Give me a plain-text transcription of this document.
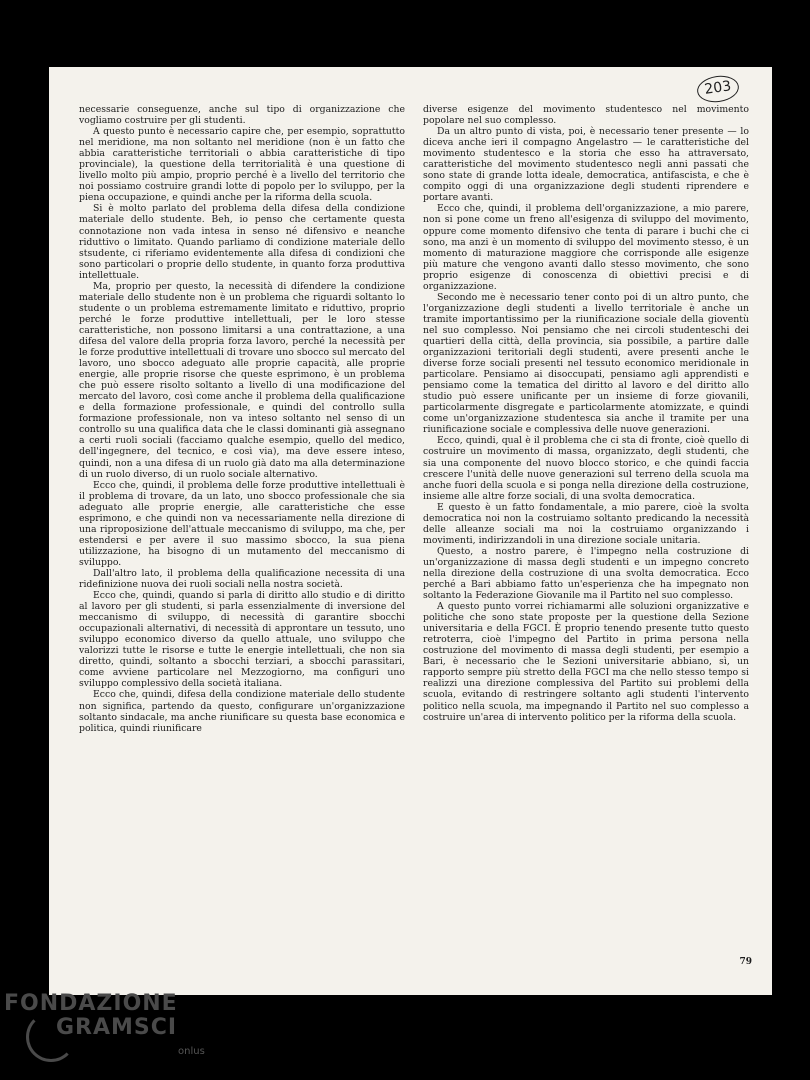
203

necessarie conseguenze, anche sul tipo di organizzazione che vogliamo costruire per gli studenti.

A questo punto è necessario capire che, per esempio, soprattutto nel meridione, ma non soltanto nel meridione (non è un fatto che abbia caratteristiche territoriali o abbia caratteristiche di tipo provinciale), la questione della territorialità è una questione di livello molto più ampio, proprio perché è a livello del territorio che noi possiamo costruire grandi lotte di popolo per lo sviluppo, per la piena occupazione, e quindi anche per la riforma della scuola.

Si è molto parlato del problema della difesa della condizione materiale dello studente. Beh, io penso che certamente questa connotazione non vada intesa in senso né difensivo e neanche riduttivo o limitato. Quando parliamo di condizione materiale dello stsudente, ci riferiamo evidentemente alla difesa di condizioni che sono particolari o proprie dello studente, in quanto forza produttiva intellettuale.

Ma, proprio per questo, la necessità di difendere la condizione materiale dello studente non è un problema che riguardi soltanto lo studente o un problema estremamente limitato e riduttivo, proprio perché le forze produttive intellettuali, per le loro stesse caratteristiche, non possono limitarsi a una contrattazione, a una difesa del valore della propria forza lavoro, perché la necessità per le forze produttive intellettuali di trovare uno sbocco sul mercato del lavoro, uno sbocco adeguato alle proprie capacità, alle proprie energie, alle proprie risorse che queste esprimono, è un problema che può essere risolto soltanto a livello di una modificazione del mercato del lavoro, così come anche il problema della qualificazione e della formazione professionale, e quindi del controllo sulla formazione professionale, non va inteso soltanto nel senso di un controllo su una qualifica data che le classi dominanti già assegnano a certi ruoli sociali (facciamo qualche esempio, quello del medico, dell'ingegnere, del tecnico, e così via), ma deve essere inteso, quindi, non a una difesa di un ruolo già dato ma alla determinazione di un ruolo diverso, di un ruolo sociale alternativo.

Ecco che, quindi, il problema delle forze produttive intellettuali è il problema di trovare, da un lato, uno sbocco professionale che sia adeguato alle proprie energie, alle caratteristiche che esse esprimono, e che quindi non va necessariamente nella direzione di una riproposizione dell'attuale meccanismo di sviluppo, ma che, per estendersi e per avere il suo massimo sbocco, la sua piena utilizzazione, ha bisogno di un mutamento del meccanismo di sviluppo.

Dall'altro lato, il problema della qualificazione necessita di una ridefinizione nuova dei ruoli sociali nella nostra società.

Ecco che, quindi, quando si parla di diritto allo studio e di diritto al lavoro per gli studenti, si parla essenzialmente di inversione del meccanismo di sviluppo, di necessità di garantire sbocchi occupazionali alternativi, di necessità di approntare un tessuto, uno sviluppo economico diverso da quello attuale, uno sviluppo che valorizzi tutte le risorse e tutte le energie intellettuali, che non sia diretto, quindi, soltanto a sbocchi terziari, a sbocchi parassitari, come avviene particolare nel Mezzogiorno, ma configuri uno sviluppo complessivo della società italiana.

Ecco che, quindi, difesa della condizione materiale dello studente non significa, partendo da questo, configurare un'organizzazione soltanto sindacale, ma anche riunificare su questa base economica e politica, quindi riunificare

diverse esigenze del movimento studentesco nel movimento popolare nel suo complesso.

Da un altro punto di vista, poi, è necessario tener presente — lo diceva anche ieri il compagno Angelastro — le caratteristiche del movimento studentesco e la storia che esso ha attraversato, caratteristiche del movimento studentesco negli anni passati che sono state di grande lotta ideale, democratica, antifascista, e che è compito oggi di una organizzazione degli studenti riprendere e portare avanti.

Ecco che, quindi, il problema dell'organizzazione, a mio parere, non si pone come un freno all'esigenza di sviluppo del movimento, oppure come momento difensivo che tenta di parare i buchi che ci sono, ma anzi è un momento di sviluppo del movimento stesso, è un momento di maturazione maggiore che corrisponde alle esigenze più mature che vengono avanti dallo stesso movimento, che sono proprio esigenze di conoscenza di obiettivi precisi e di organizzazione.

Secondo me è necessario tener conto poi di un altro punto, che l'organizzazione degli studenti a livello territoriale è anche un tramite importantissimo per la riunificazione sociale della gioventù nel suo complesso. Noi pensiamo che nei circoli studenteschi dei quartieri della città, della provincia, sia possibile, a partire dalle organizzazioni teritoriali degli studenti, avere presenti anche le diverse forze sociali presenti nel tessuto economico meridionale in particolare. Pensiamo ai disoccupati, pensiamo agli apprendisti e pensiamo come la tematica del diritto al lavoro e del diritto allo studio può essere unificante per un insieme di forze giovanili, particolarmente disgregate e particolarmente atomizzate, e quindi come un'organizzazione studentesca sia anche il tramite per una riunificazione sociale e complessiva delle nuove generazioni.

Ecco, quindi, qual è il problema che ci sta di fronte, cioè quello di costruire un movimento di massa, organizzato, degli studenti, che sia una componente del nuovo blocco storico, e che quindi faccia crescere l'unità delle nuove generazioni sul terreno della scuola ma anche fuori della scuola e si ponga nella direzione della costruzione, insieme alle altre forze sociali, di una svolta democratica.

E questo è un fatto fondamentale, a mio parere, cioè la svolta democratica noi non la costruiamo soltanto predicando la necessità delle alleanze sociali ma noi la costruiamo organizzando i movimenti, indirizzandoli in una direzione sociale unitaria.

Questo, a nostro parere, è l'impegno nella costruzione di un'organizzazione di massa degli studenti e un impegno concreto nella direzione della costruzione di una svolta democratica. Ecco perché a Bari abbiamo fatto un'esperienza che ha impegnato non soltanto la Federazione Giovanile ma il Partito nel suo complesso.

A questo punto vorrei richiamarmi alle soluzioni organizzative e politiche che sono state proposte per la questione della Sezione universitaria e della FGCI. È proprio tenendo presente tutto questo retroterra, cioè l'impegno del Partito in prima persona nella costruzione del movimento di massa degli studenti, per esempio a Bari, è necessario che le Sezioni universitarie abbiano, sì, un rapporto sempre più stretto della FGCI ma che nello stesso tempo si realizzi una direzione complessiva del Partito sui problemi della scuola, evitando di restringere soltanto agli studenti l'intervento politico nella scuola, ma impegnando il Partito nel suo complesso a costruire un'area di intervento politico per la riforma della scuola.

79
FONDAZIONE
GRAMSCI
onlus
